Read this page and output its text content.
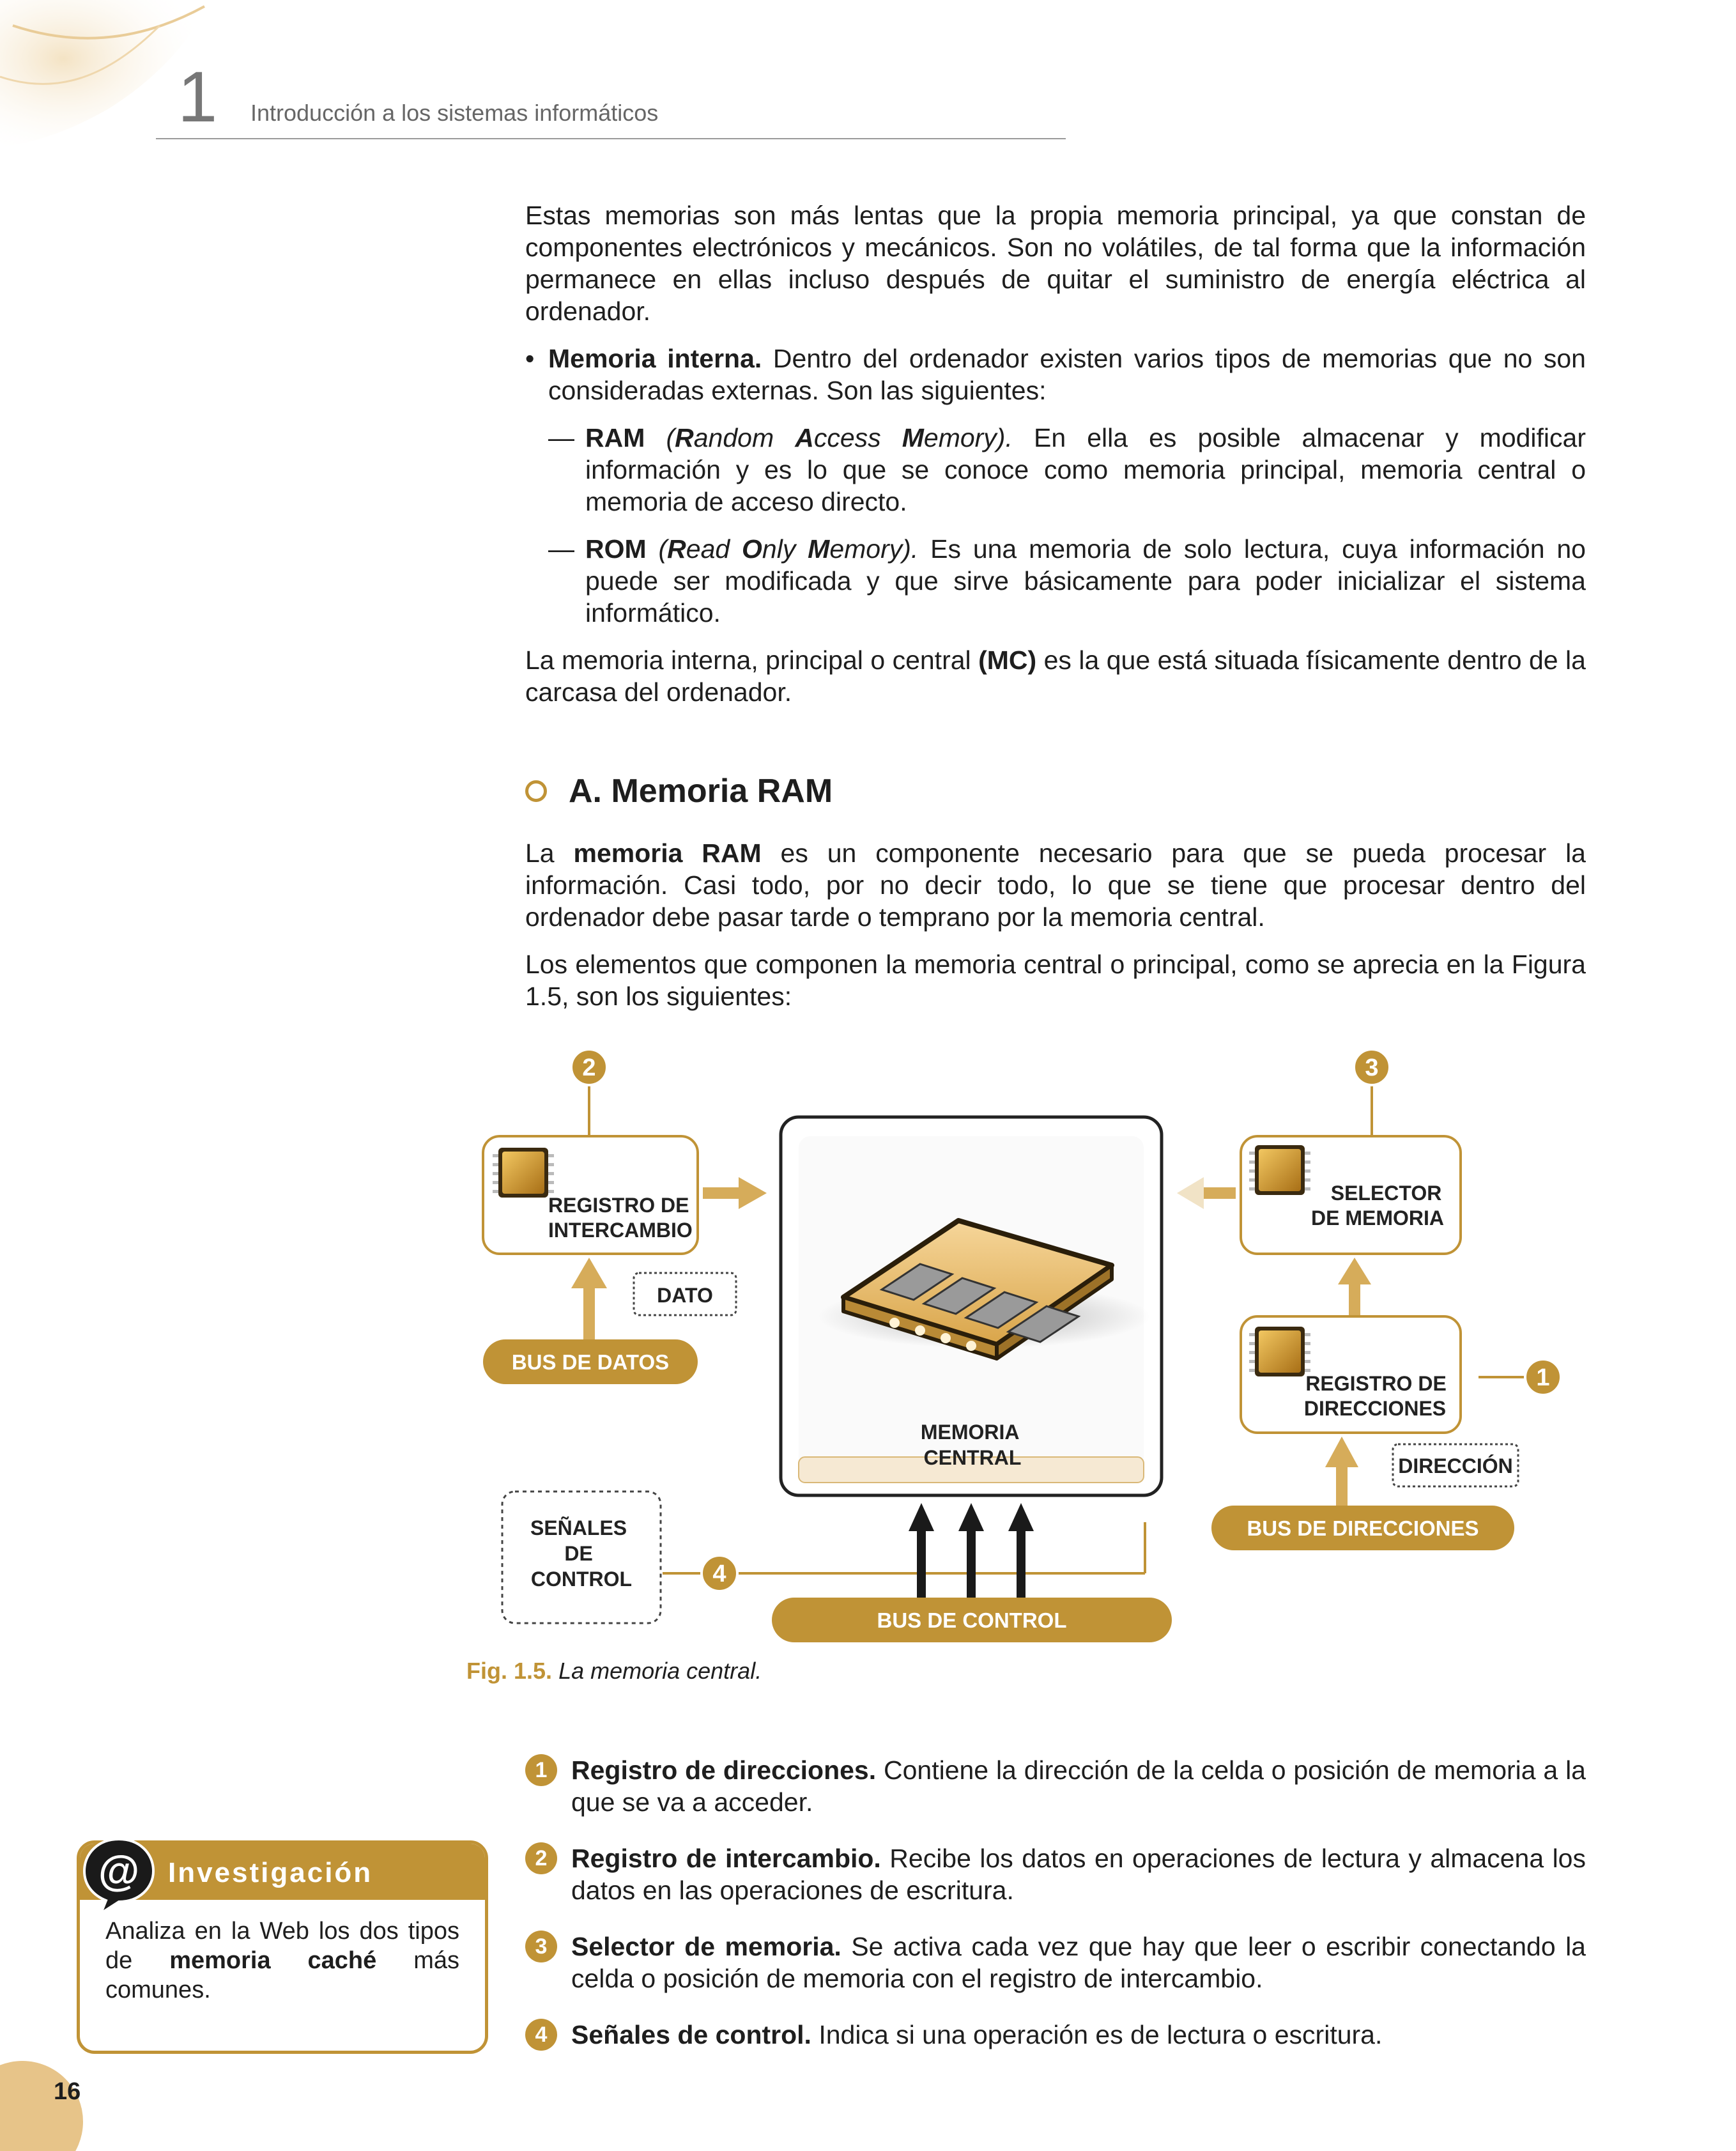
16
1 Introducción a los sistemas informáticos

Estas memorias son más lentas que la propia memoria principal, ya que constan de componentes electrónicos y mecánicos. Son no volátiles, de tal forma que la información permanece en ellas incluso después de quitar el suministro de energía eléctrica al ordenador.

• Memoria interna. Dentro del ordenador existen varios tipos de memorias que no son consideradas externas. Son las siguientes:
— RAM (Random Access Memory). En ella es posible almacenar y modificar información y es lo que se conoce como memoria principal, memoria central o memoria de acceso directo.
— ROM (Read Only Memory). Es una memoria de solo lectura, cuya información no puede ser modificada y que sirve básicamente para poder inicializar el sistema informático.

La memoria interna, principal o central (MC) es la que está situada físicamente dentro de la carcasa del ordenador.

A. Memoria RAM

La memoria RAM es un componente necesario para que se pueda procesar la información. Casi todo, por no decir todo, lo que se tiene que procesar dentro del ordenador debe pasar tarde o temprano por la memoria central.

Los elementos que componen la memoria central o principal, como se aprecia en la Figura 1.5, son los siguientes:

2	3
1
4
REGISTRO DE INTERCAMBIO
MEMORIA CENTRAL
SELECTOR DE MEMORIA
REGISTRO DE DIRECCIONES
DIRECCIÓN
BUS DE DIRECCIONES
DATO
BUS DE DATOS
SEÑALES DE CONTROL
BUS DE CONTROL
Fig. 1.5. La memoria central.
1 Registro de direcciones. Contiene la dirección de la celda o posición de memoria a la que se va a acceder.
2 Registro de intercambio. Recibe los datos en operaciones de lectura y almacena los datos en las operaciones de escritura.
3 Selector de memoria. Se activa cada vez que hay que leer o escribir conectando la celda o posición de memoria con el registro de intercambio.
4 Señales de control. Indica si una operación es de lectura o escritura.
Investigación
Analiza en la Web los dos tipos de memoria caché más comunes.
@
